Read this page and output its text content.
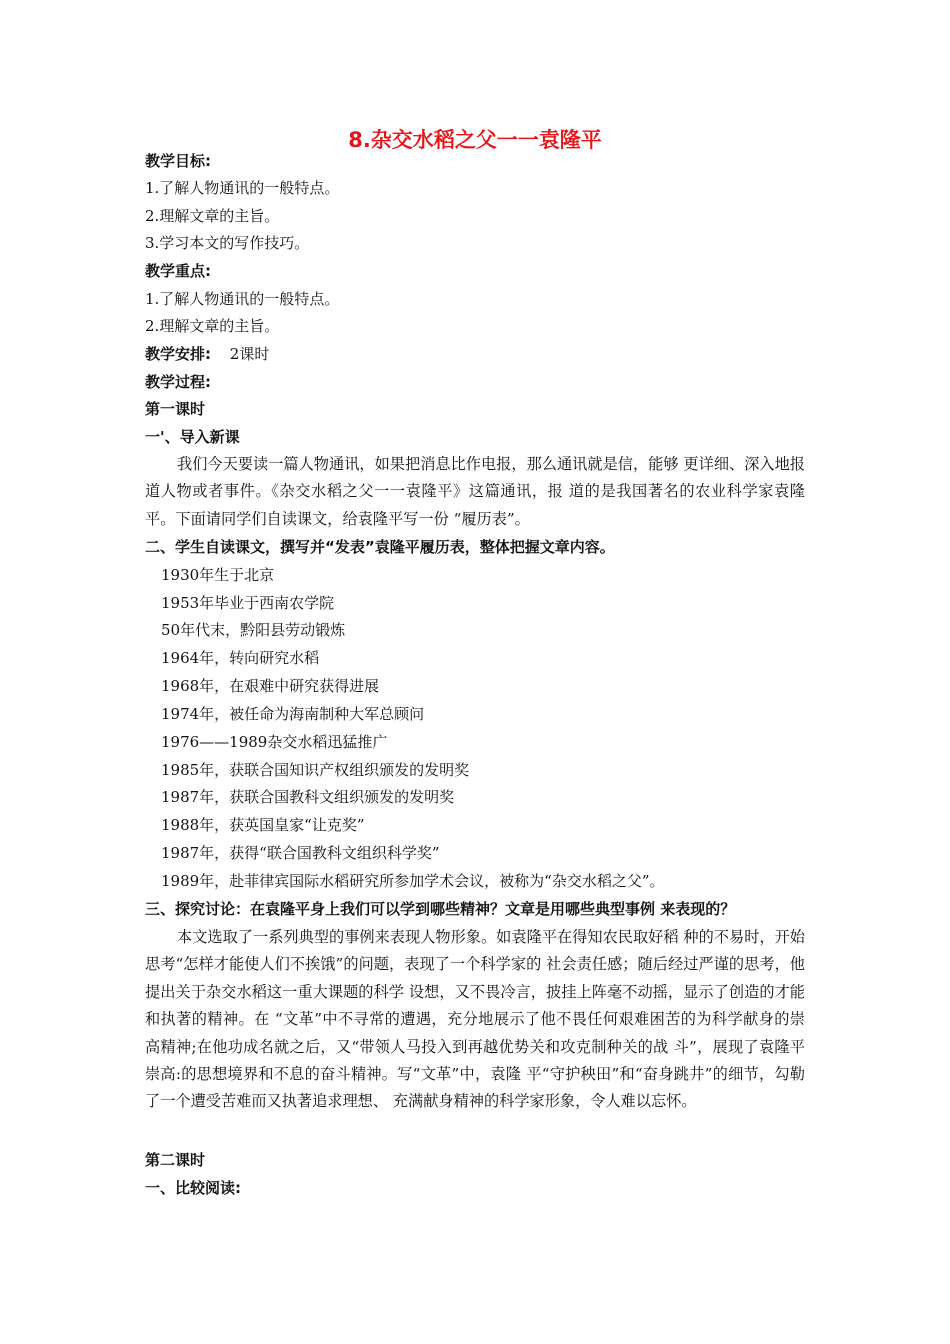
8.杂交水稻之父一一袁隆平
教学目标:
1.了解人物通讯的一般特点。
2.理解文章的主旨。
3.学习本文的写作技巧。
教学重点:
1.了解人物通讯的一般特点。
2.理解文章的主旨。
教学安排: 2课时
教学过程:
第一课时
一'、导入新课
我们今天要读一篇人物通讯，如果把消息比作电报，那么通讯就是信，能够 更详细、深入地报道人物或者事件。《杂交水稻之父一一袁隆平》这篇通讯，报 道的是我国著名的农业科学家袁隆平。下面请同学们自读课文，给袁隆平写一份 “履历表”。
二、学生自读课文，撰写并“发表”袁隆平履历表，整体把握文章内容。
1930年生于北京
1953年毕业于西南农学院
50年代末，黔阳县劳动锻炼
1964年，转向研究水稻
1968年，在艰难中研究获得进展
1974年，被任命为海南制种大军总顾问
1976——1989杂交水稻迅猛推广
1985年，获联合国知识产权组织颁发的发明奖
1987年，获联合国教科文组织颁发的发明奖
1988年，获英国皇家“让克奖”
1987年，获得“联合国教科文组织科学奖”
1989年，赴菲律宾国际水稻研究所参加学术会议，被称为“杂交水稻之父”。
三、探究讨论：在袁隆平身上我们可以学到哪些精神？文章是用哪些典型事例 来表现的？
本文选取了一系列典型的事例来表现人物形象。如袁隆平在得知农民取好稻 种的不易时，开始思考“怎样才能使人们不挨饿”的问题，表现了一个科学家的 社会责任感；随后经过严谨的思考，他提出关于杂交水稻这一重大课题的科学 设想，又不畏冷言，披挂上阵毫不动摇，显示了创造的才能和执著的精神。在 “文革”中不寻常的遭遇，充分地展示了他不畏任何艰难困苦的为科学献身的崇 高精神;在他功成名就之后，又“带领人马投入到再越优势关和攻克制种关的战 斗”，展现了袁隆平崇高:的思想境界和不息的奋斗精神。写“文革”中，袁隆 平“守护秧田”和“奋身跳井”的细节，勾勒了一个遭受苦难而又执著追求理想、 充满献身精神的科学家形象，令人难以忘怀。
第二课时
一、比较阅读:
